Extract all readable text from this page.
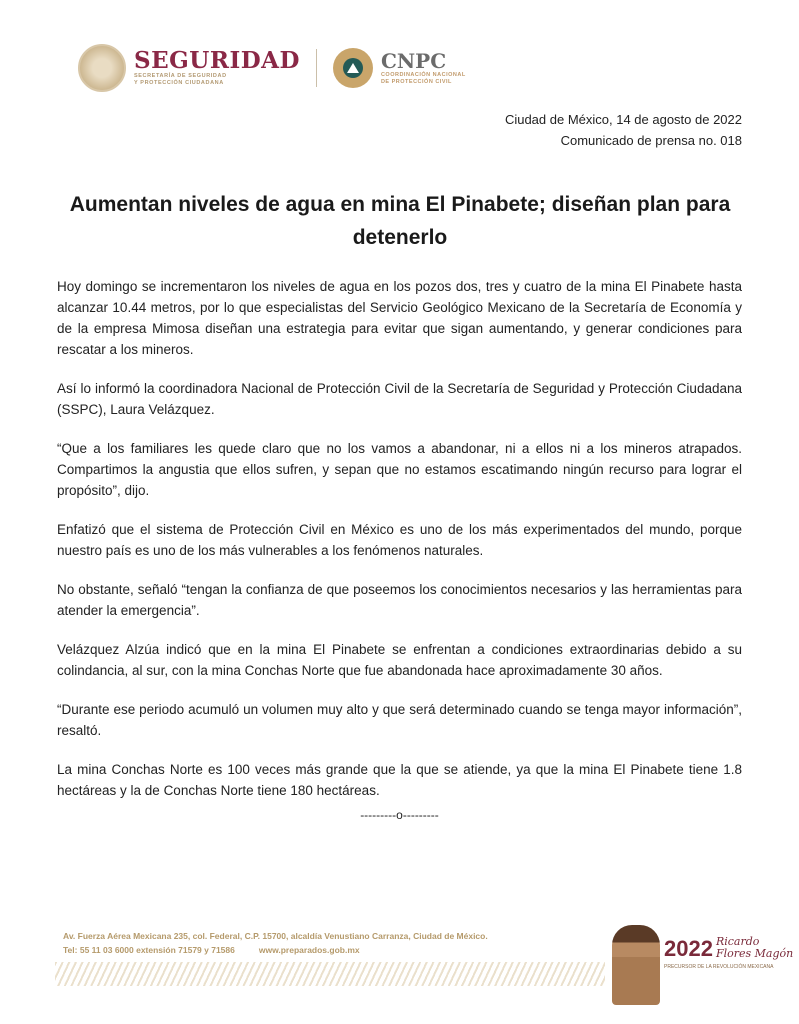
SEGURIDAD
SECRETARÍA DE SEGURIDAD
Y PROTECCIÓN CIUDADANA
CNPC
COORDINACIÓN NACIONAL
DE PROTECCIÓN CIVIL
Ciudad de México, 14 de agosto de 2022
Comunicado de prensa no. 018
Aumentan niveles de agua en mina El Pinabete; diseñan plan para detenerlo

Hoy domingo se incrementaron los niveles de agua en los pozos dos, tres y cuatro de la mina El Pinabete hasta alcanzar 10.44 metros, por lo que especialistas del Servicio Geológico Mexicano de la Secretaría de Economía y de la empresa Mimosa diseñan una estrategia para evitar que sigan aumentando, y generar condiciones para rescatar a los mineros.

Así lo informó la coordinadora Nacional de Protección Civil de la Secretaría de Seguridad y Protección Ciudadana (SSPC), Laura Velázquez.

“Que a los familiares les quede claro que no los vamos a abandonar, ni a ellos ni a los mineros atrapados. Compartimos la angustia que ellos sufren, y sepan que no estamos escatimando ningún recurso para lograr el propósito”, dijo.

Enfatizó que el sistema de Protección Civil en México es uno de los más experimentados del mundo, porque nuestro país es uno de los más vulnerables a los fenómenos naturales.

No obstante, señaló “tengan la confianza de que poseemos los conocimientos necesarios y las herramientas para atender la emergencia”.

Velázquez Alzúa indicó que en la mina El Pinabete se enfrentan a condiciones extraordinarias debido a su colindancia, al sur, con la mina Conchas Norte que fue abandonada hace aproximadamente 30 años.

“Durante ese periodo acumuló un volumen muy alto y que será determinado cuando se tenga mayor información”, resaltó.

La mina Conchas Norte es 100 veces más grande que la que se atiende, ya que la mina El Pinabete tiene 1.8 hectáreas y la de Conchas Norte tiene 180 hectáreas.

---------o---------
Av. Fuerza Aérea Mexicana 235, col. Federal, C.P. 15700, alcaldía Venustiano Carranza, Ciudad de México.
Tel: 55 11 03 6000 extensión 71579 y 71586	www.preparados.gob.mx	2022 Ricardo Flores Magón
PRECURSOR DE LA REVOLUCIÓN MEXICANA
